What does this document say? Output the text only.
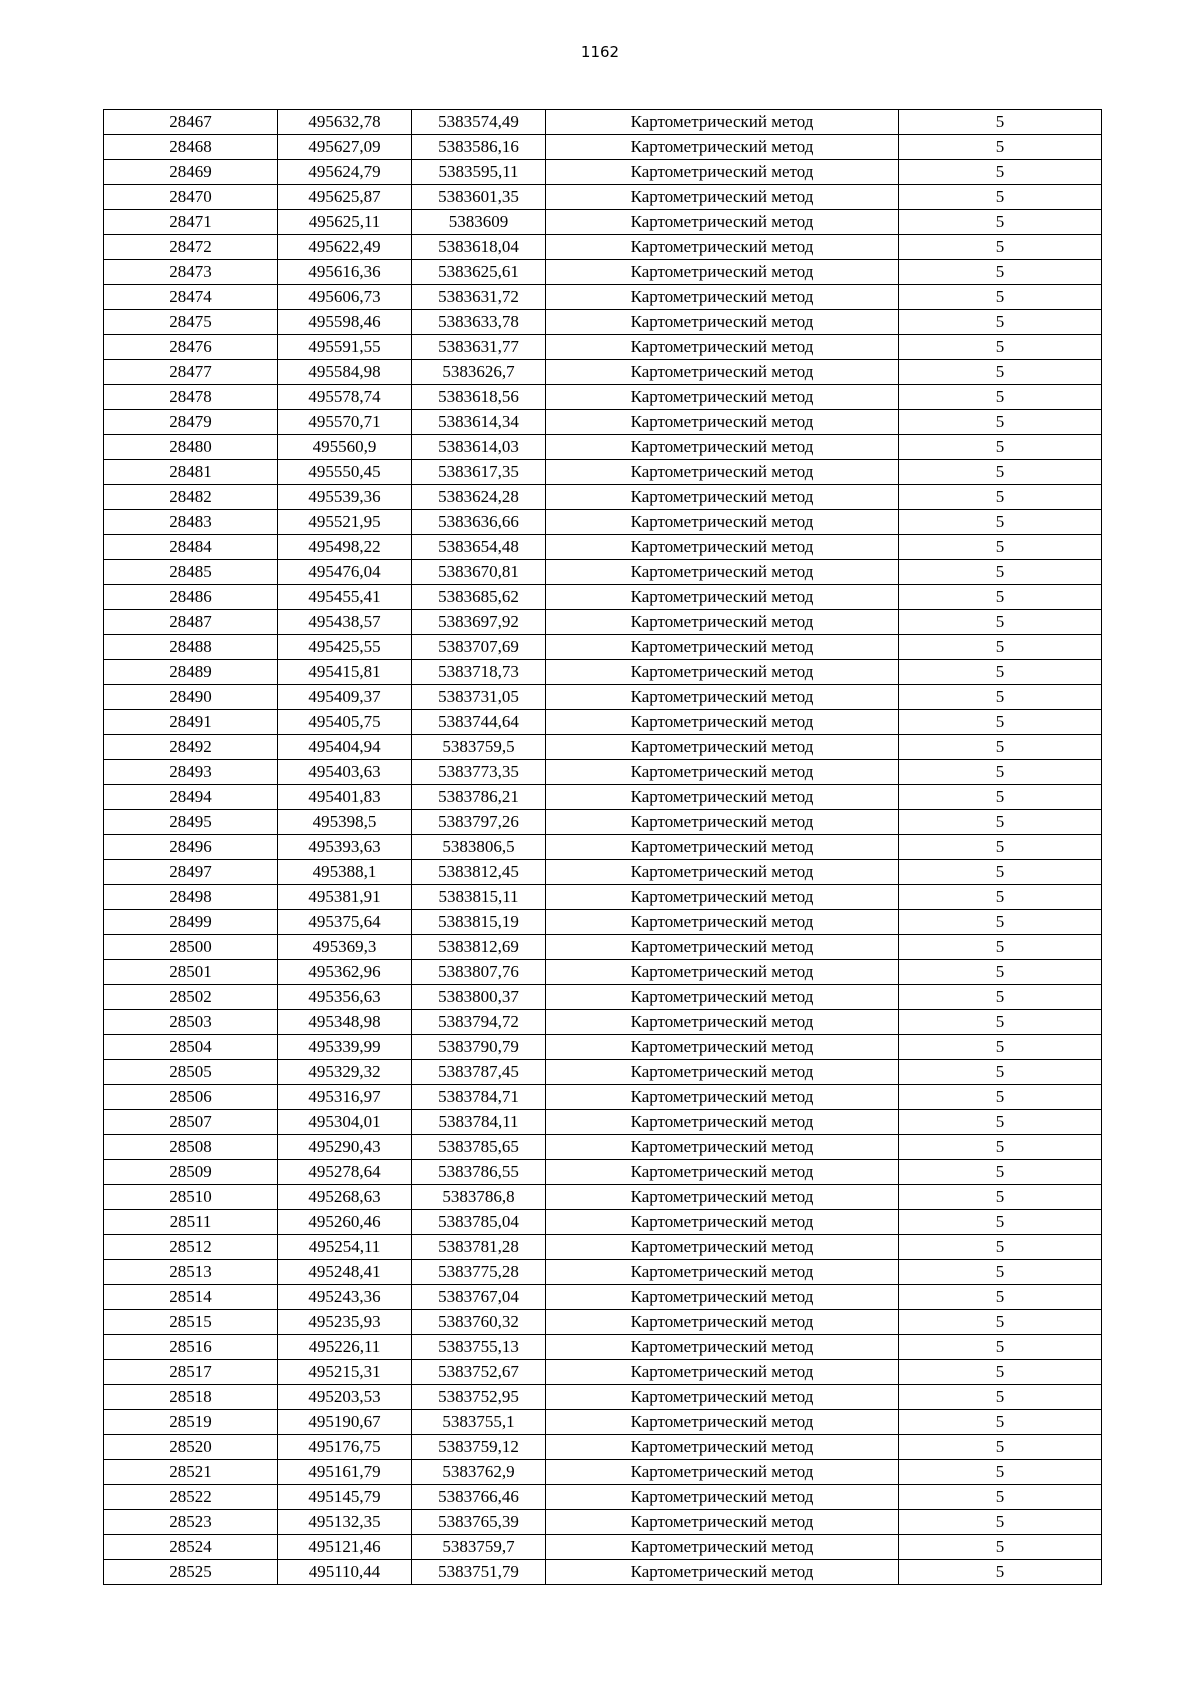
1162
28467	495632,78	5383574,49	Картометрический метод	5
28468	495627,09	5383586,16	Картометрический метод	5
28469	495624,79	5383595,11	Картометрический метод	5
28470	495625,87	5383601,35	Картометрический метод	5
28471	495625,11	5383609	Картометрический метод	5
28472	495622,49	5383618,04	Картометрический метод	5
28473	495616,36	5383625,61	Картометрический метод	5
28474	495606,73	5383631,72	Картометрический метод	5
28475	495598,46	5383633,78	Картометрический метод	5
28476	495591,55	5383631,77	Картометрический метод	5
28477	495584,98	5383626,7	Картометрический метод	5
28478	495578,74	5383618,56	Картометрический метод	5
28479	495570,71	5383614,34	Картометрический метод	5
28480	495560,9	5383614,03	Картометрический метод	5
28481	495550,45	5383617,35	Картометрический метод	5
28482	495539,36	5383624,28	Картометрический метод	5
28483	495521,95	5383636,66	Картометрический метод	5
28484	495498,22	5383654,48	Картометрический метод	5
28485	495476,04	5383670,81	Картометрический метод	5
28486	495455,41	5383685,62	Картометрический метод	5
28487	495438,57	5383697,92	Картометрический метод	5
28488	495425,55	5383707,69	Картометрический метод	5
28489	495415,81	5383718,73	Картометрический метод	5
28490	495409,37	5383731,05	Картометрический метод	5
28491	495405,75	5383744,64	Картометрический метод	5
28492	495404,94	5383759,5	Картометрический метод	5
28493	495403,63	5383773,35	Картометрический метод	5
28494	495401,83	5383786,21	Картометрический метод	5
28495	495398,5	5383797,26	Картометрический метод	5
28496	495393,63	5383806,5	Картометрический метод	5
28497	495388,1	5383812,45	Картометрический метод	5
28498	495381,91	5383815,11	Картометрический метод	5
28499	495375,64	5383815,19	Картометрический метод	5
28500	495369,3	5383812,69	Картометрический метод	5
28501	495362,96	5383807,76	Картометрический метод	5
28502	495356,63	5383800,37	Картометрический метод	5
28503	495348,98	5383794,72	Картометрический метод	5
28504	495339,99	5383790,79	Картометрический метод	5
28505	495329,32	5383787,45	Картометрический метод	5
28506	495316,97	5383784,71	Картометрический метод	5
28507	495304,01	5383784,11	Картометрический метод	5
28508	495290,43	5383785,65	Картометрический метод	5
28509	495278,64	5383786,55	Картометрический метод	5
28510	495268,63	5383786,8	Картометрический метод	5
28511	495260,46	5383785,04	Картометрический метод	5
28512	495254,11	5383781,28	Картометрический метод	5
28513	495248,41	5383775,28	Картометрический метод	5
28514	495243,36	5383767,04	Картометрический метод	5
28515	495235,93	5383760,32	Картометрический метод	5
28516	495226,11	5383755,13	Картометрический метод	5
28517	495215,31	5383752,67	Картометрический метод	5
28518	495203,53	5383752,95	Картометрический метод	5
28519	495190,67	5383755,1	Картометрический метод	5
28520	495176,75	5383759,12	Картометрический метод	5
28521	495161,79	5383762,9	Картометрический метод	5
28522	495145,79	5383766,46	Картометрический метод	5
28523	495132,35	5383765,39	Картометрический метод	5
28524	495121,46	5383759,7	Картометрический метод	5
28525	495110,44	5383751,79	Картометрический метод	5
